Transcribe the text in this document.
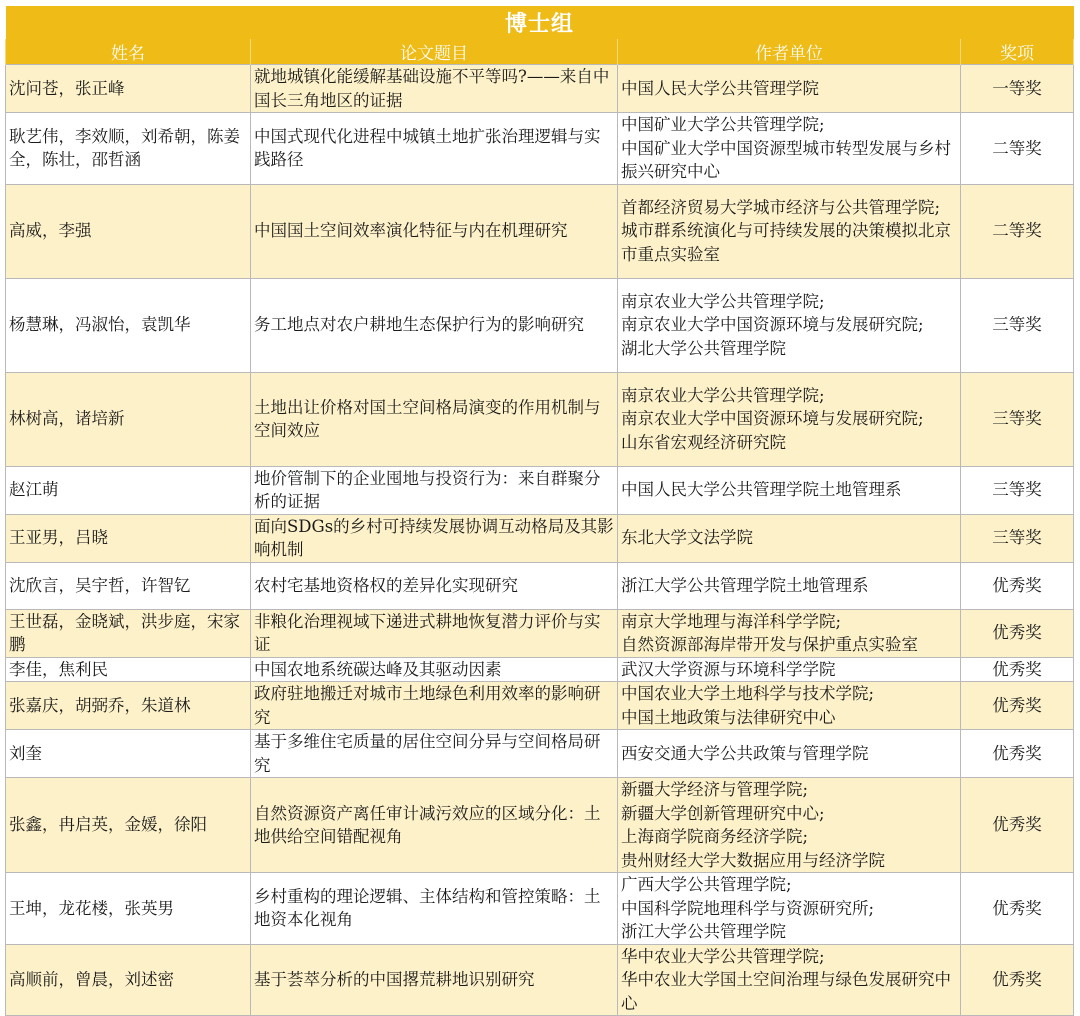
博士组			
姓名	论文题目	作者单位	奖项
沈问苍，张正峰	就地城镇化能缓解基础设施不平等吗?——来自中国长三角地区的证据	中国人民大学公共管理学院	一等奖
耿艺伟，李效顺，刘希朝，陈姜全，陈壮，邵哲涵	中国式现代化进程中城镇土地扩张治理逻辑与实践路径	中国矿业大学公共管理学院;
中国矿业大学中国资源型城市转型发展与乡村振兴研究中心	二等奖
高威，李强	中国国土空间效率演化特征与内在机理研究	首都经济贸易大学城市经济与公共管理学院;
城市群系统演化与可持续发展的决策模拟北京市重点实验室	二等奖
杨慧琳，冯淑怡，袁凯华	务工地点对农户耕地生态保护行为的影响研究	南京农业大学公共管理学院;
南京农业大学中国资源环境与发展研究院;
湖北大学公共管理学院	三等奖
林树高，诸培新	土地出让价格对国土空间格局演变的作用机制与空间效应	南京农业大学公共管理学院;
南京农业大学中国资源环境与发展研究院;
山东省宏观经济研究院	三等奖
赵江萌	地价管制下的企业囤地与投资行为：来自群聚分析的证据	中国人民大学公共管理学院土地管理系	三等奖
王亚男，吕晓	面向SDGs的乡村可持续发展协调互动格局及其影响机制	东北大学文法学院	三等奖
沈欣言，吴宇哲，许智钇	农村宅基地资格权的差异化实现研究	浙江大学公共管理学院土地管理系	优秀奖
王世磊，金晓斌，洪步庭，宋家鹏	非粮化治理视域下递进式耕地恢复潜力评价与实证	南京大学地理与海洋科学学院;
自然资源部海岸带开发与保护重点实验室	优秀奖
李佳，焦利民	中国农地系统碳达峰及其驱动因素	武汉大学资源与环境科学学院	优秀奖
张嘉庆，胡弼乔，朱道林	政府驻地搬迁对城市土地绿色利用效率的影响研究	中国农业大学土地科学与技术学院;
中国土地政策与法律研究中心	优秀奖
刘奎	基于多维住宅质量的居住空间分异与空间格局研究	西安交通大学公共政策与管理学院	优秀奖
张鑫，冉启英，金媛，徐阳	自然资源资产离任审计减污效应的区域分化：土地供给空间错配视角	新疆大学经济与管理学院;
新疆大学创新管理研究中心;
上海商学院商务经济学院;
贵州财经大学大数据应用与经济学院	优秀奖
王坤，龙花楼，张英男	乡村重构的理论逻辑、主体结构和管控策略：土地资本化视角	广西大学公共管理学院;
中国科学院地理科学与资源研究所;
浙江大学公共管理学院	优秀奖
高顺前，曾晨，刘述密	基于荟萃分析的中国撂荒耕地识别研究	华中农业大学公共管理学院;
华中农业大学国土空间治理与绿色发展研究中心	优秀奖
